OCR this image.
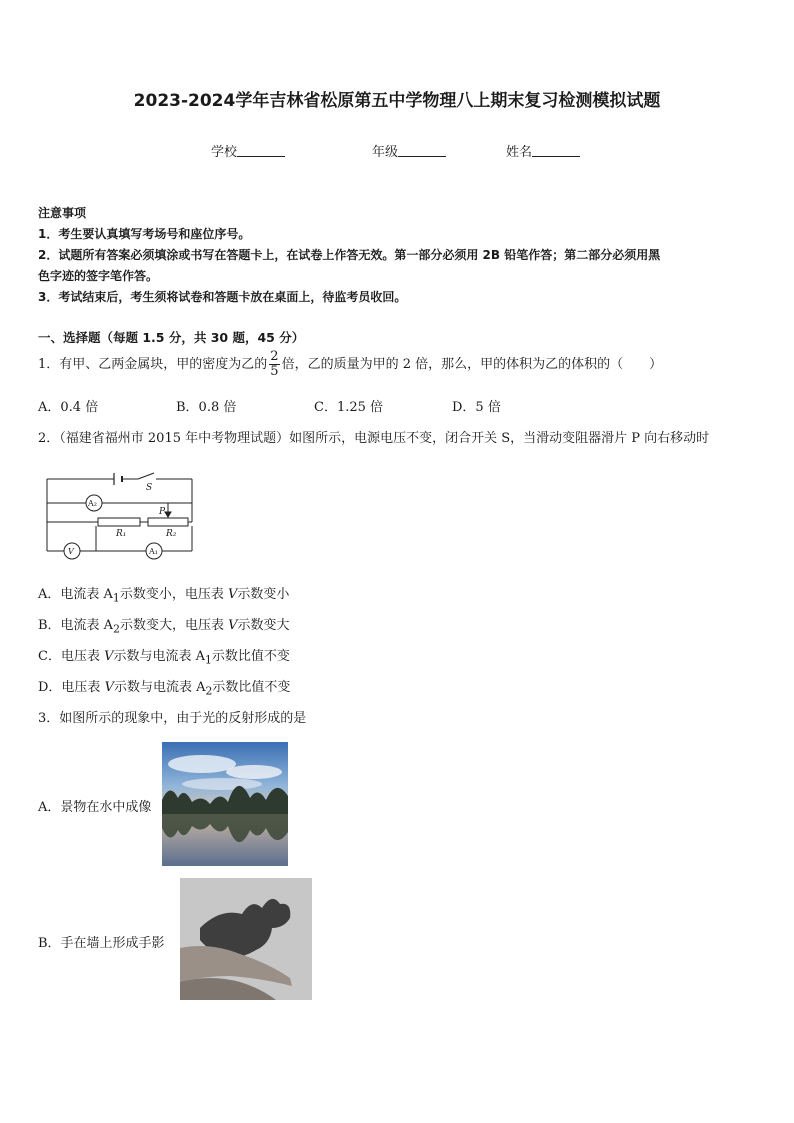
2023-2024学年吉林省松原第五中学物理八上期末复习检测模拟试题
学校	年级	姓名
注意事项
1．考生要认真填写考场号和座位序号。
2．试题所有答案必须填涂或书写在答题卡上，在试卷上作答无效。第一部分必须用 2B 铅笔作答；第二部分必须用黑
色字迹的签字笔作答。
3．考试结束后，考生须将试卷和答题卡放在桌面上，待监考员收回。
一、选择题（每题 1.5 分，共 30 题，45 分）
1．有甲、乙两金属块，甲的密度为乙的 $\frac{2}{5}$ 倍，乙的质量为甲的 2 倍，那么，甲的体积为乙的体积的（　　）
A．0.4 倍	B．0.8 倍	C．1.25 倍	D．5 倍
2．（福建省福州市 2015 年中考物理试题）如图所示，电源电压不变，闭合开关 S，当滑动变阻器滑片 P 向右移动时
S
A₂
P
R₁	R₂
V	A₁
A．电流表 $A_1$示数变小，电压表 V示数变小
B．电流表 $A_2$示数变大，电压表 V示数变大
C．电压表 V示数与电流表 $A_1$示数比值不变
D．电压表 V示数与电流表 $A_2$示数比值不变
3．如图所示的现象中，由于光的反射形成的是
A．景物在水中成像
B．手在墙上形成手影
